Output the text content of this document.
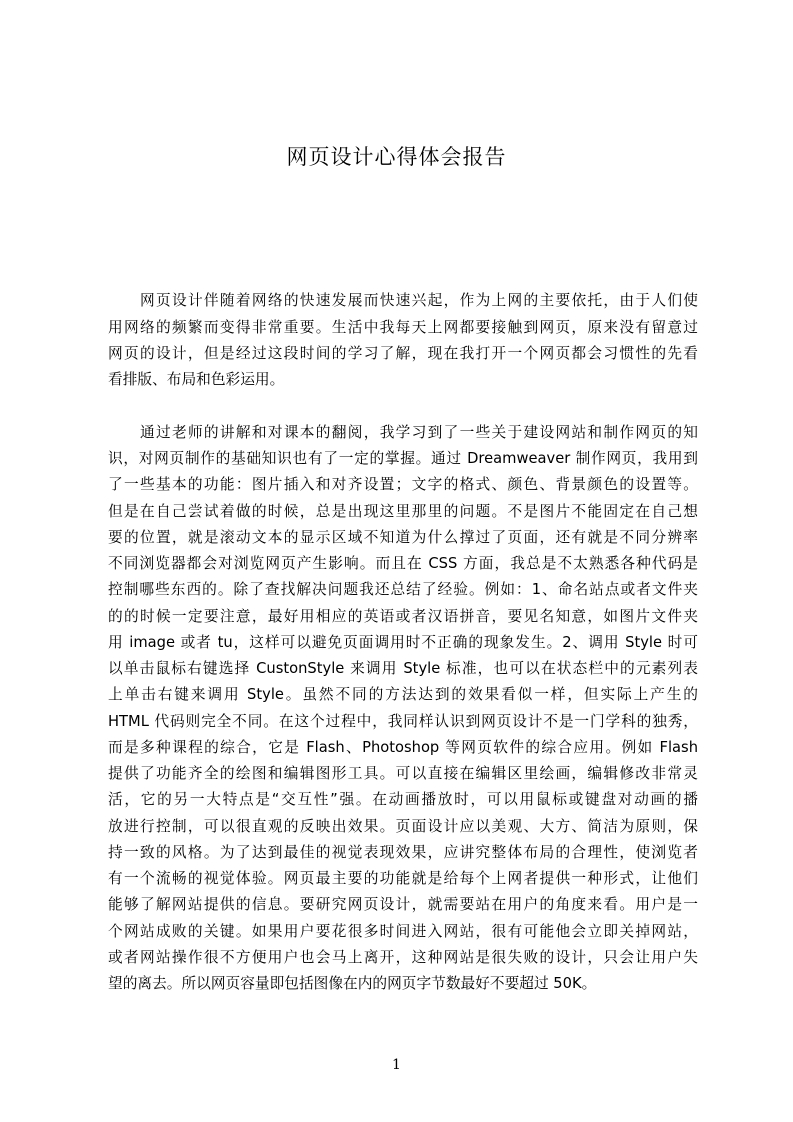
网页设计心得体会报告
网页设计伴随着网络的快速发展而快速兴起，作为上网的主要依托，由于人们使
用网络的频繁而变得非常重要。生活中我每天上网都要接触到网页，原来没有留意过
网页的设计，但是经过这段时间的学习了解，现在我打开一个网页都会习惯性的先看
看排版、布局和色彩运用。
通过老师的讲解和对课本的翻阅，我学习到了一些关于建设网站和制作网页的知
识，对网页制作的基础知识也有了一定的掌握。通过 Dreamweaver 制作网页，我用到
了一些基本的功能：图片插入和对齐设置；文字的格式、颜色、背景颜色的设置等。
但是在自己尝试着做的时候，总是出现这里那里的问题。不是图片不能固定在自己想
要的位置，就是滚动文本的显示区域不知道为什么撑过了页面，还有就是不同分辨率
不同浏览器都会对浏览网页产生影响。而且在 CSS 方面，我总是不太熟悉各种代码是
控制哪些东西的。除了查找解决问题我还总结了经验。例如：1、命名站点或者文件夹
的的时候一定要注意，最好用相应的英语或者汉语拼音，要见名知意，如图片文件夹
用 image 或者 tu，这样可以避免页面调用时不正确的现象发生。2、调用 Style 时可
以单击鼠标右键选择 CustonStyle 来调用 Style 标准，也可以在状态栏中的元素列表
上单击右键来调用 Style。虽然不同的方法达到的效果看似一样，但实际上产生的
HTML 代码则完全不同。在这个过程中，我同样认识到网页设计不是一门学科的独秀，
而是多种课程的综合，它是 Flash、Photoshop 等网页软件的综合应用。例如 Flash
提供了功能齐全的绘图和编辑图形工具。可以直接在编辑区里绘画，编辑修改非常灵
活，它的另一大特点是“交互性”强。在动画播放时，可以用鼠标或键盘对动画的播
放进行控制，可以很直观的反映出效果。页面设计应以美观、大方、简洁为原则，保
持一致的风格。为了达到最佳的视觉表现效果，应讲究整体布局的合理性，使浏览者
有一个流畅的视觉体验。网页最主要的功能就是给每个上网者提供一种形式，让他们
能够了解网站提供的信息。要研究网页设计，就需要站在用户的角度来看。用户是一
个网站成败的关键。如果用户要花很多时间进入网站，很有可能他会立即关掉网站，
或者网站操作很不方便用户也会马上离开，这种网站是很失败的设计，只会让用户失
望的离去。所以网页容量即包括图像在内的网页字节数最好不要超过 50K。
1
